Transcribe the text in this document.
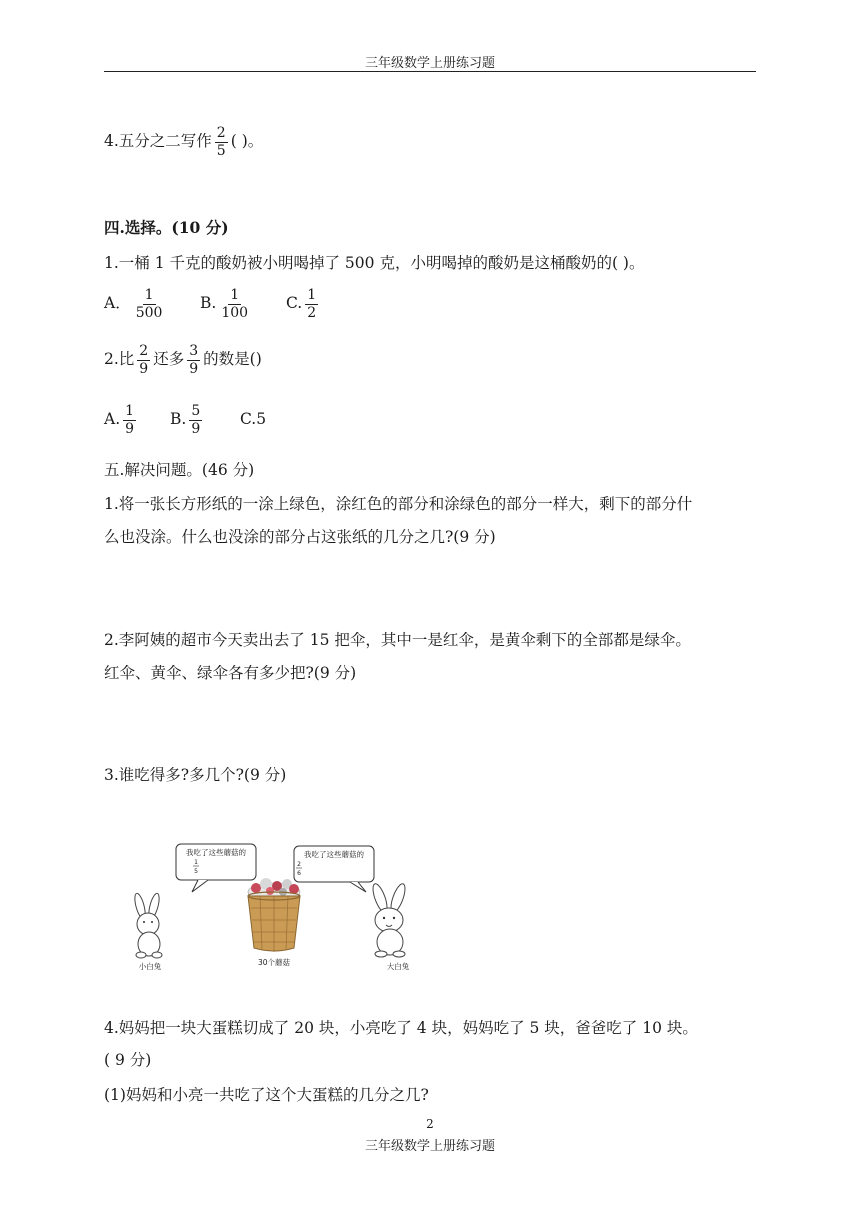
三年级数学上册练习题
4.五分之二写作 $\frac{2}{5}$ ( )。
四.选择。(10 分)
1.一桶 1 千克的酸奶被小明喝掉了 500 克，小明喝掉的酸奶是这桶酸奶的( )。
A． $\frac{1}{500} B$. $\frac{1}{100} C$. $\frac{1}{2}$
2.比 $\frac{2}{9}$ 还多 $\frac{3}{9}$ 的数是()
A. $\frac{1}{9} B$. $\frac{5}{9} C.5$
五.解决问题。(46 分)
1.将一张长方形纸的一涂上绿色，涂红色的部分和涂绿色的部分一样大，剩下的部分什
么也没涂。什么也没涂的部分占这张纸的几分之几?(9 分)
2.李阿姨的超市今天卖出去了 15 把伞，其中一是红伞，是黄伞剩下的全部都是绿伞。
红伞、黄伞、绿伞各有多少把?(9 分)
3.谁吃得多?多几个?(9 分)
我吃了这些蘑菇的
1
5
我吃了这些蘑菇的
2
6
小白兔	30个蘑菇	大白兔
4.妈妈把一块大蛋糕切成了 20 块，小亮吃了 4 块，妈妈吃了 5 块，爸爸吃了 10 块。
( 9 分)
(1)妈妈和小亮一共吃了这个大蛋糕的几分之几?
2
三年级数学上册练习题
